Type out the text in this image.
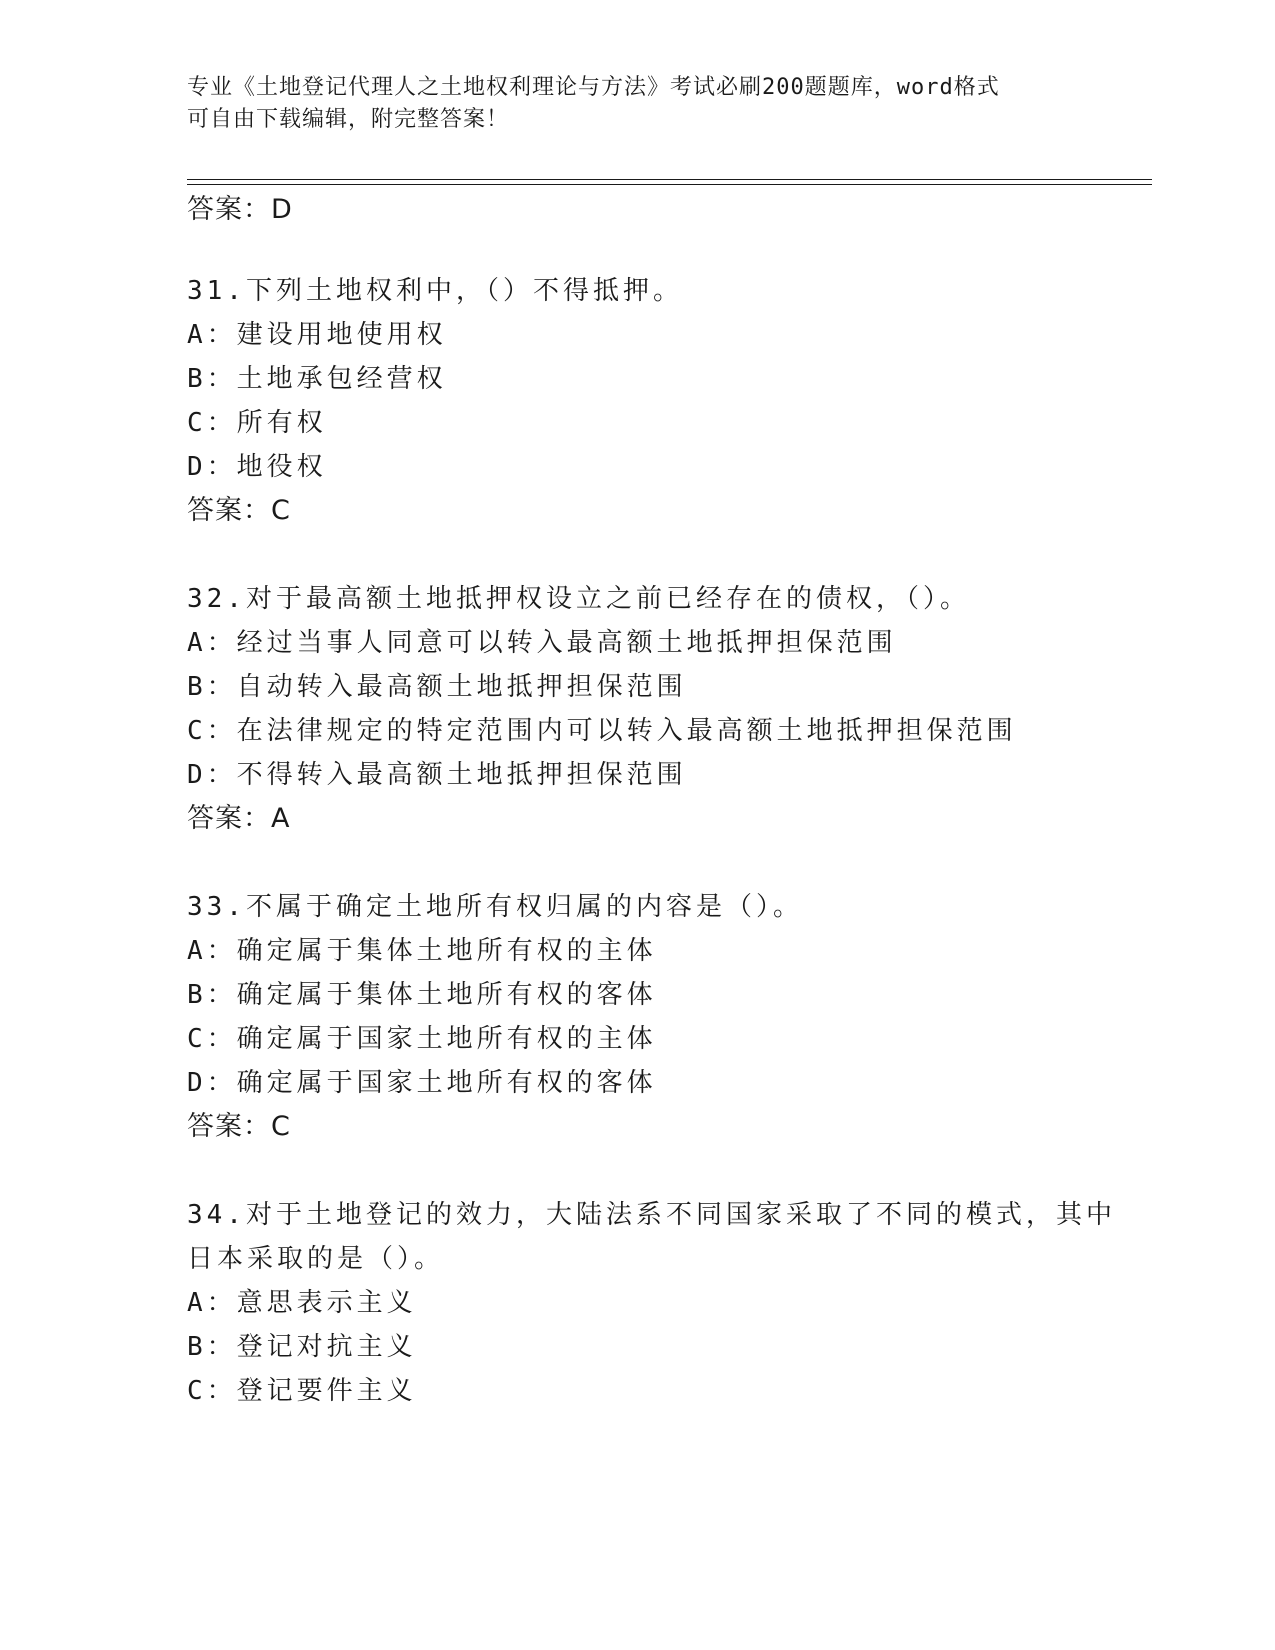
专业《土地登记代理人之土地权利理论与方法》考试必刷200题题库，word格式
可自由下载编辑，附完整答案！
答案：D
31.下列土地权利中，（）不得抵押。
A：建设用地使用权
B：土地承包经营权
C：所有权
D：地役权
答案：C
32.对于最高额土地抵押权设立之前已经存在的债权，（）。
A：经过当事人同意可以转入最高额土地抵押担保范围
B：自动转入最高额土地抵押担保范围
C：在法律规定的特定范围内可以转入最高额土地抵押担保范围
D：不得转入最高额土地抵押担保范围
答案：A
33.不属于确定土地所有权归属的内容是（）。
A：确定属于集体土地所有权的主体
B：确定属于集体土地所有权的客体
C：确定属于国家土地所有权的主体
D：确定属于国家土地所有权的客体
答案：C
34.对于土地登记的效力，大陆法系不同国家采取了不同的模式，其中
日本采取的是（）。
A：意思表示主义
B：登记对抗主义
C：登记要件主义
